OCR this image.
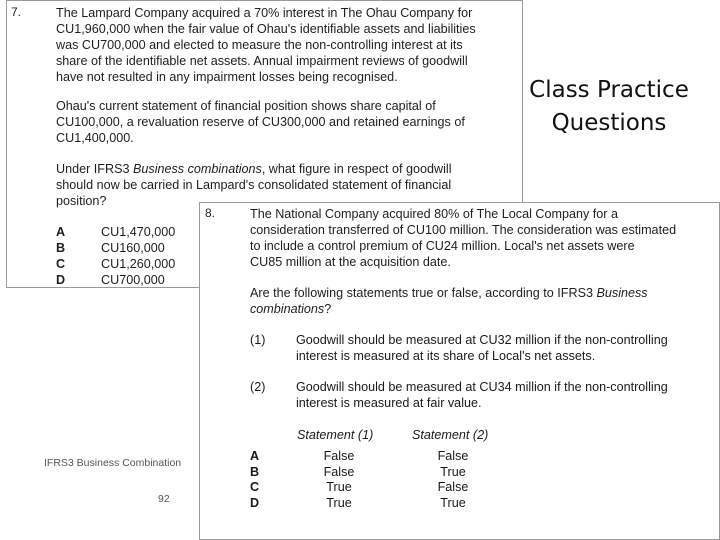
7.	The Lampard Company acquired a 70% interest in The Ohau Company for
CU1,960,000 when the fair value of Ohau's identifiable assets and liabilities
was CU700,000 and elected to measure the non-controlling interest at its
share of the identifiable net assets. Annual impairment reviews of goodwill
have not resulted in any impairment losses being recognised.

Ohau's current statement of financial position shows share capital of
CU100,000, a revaluation reserve of CU300,000 and retained earnings of
CU1,400,000.

Under IFRS3 Business combinations, what figure in respect of goodwill
should now be carried in Lampard's consolidated statement of financial
position?

A	CU1,470,000
B	CU160,000
C	CU1,260,000
D	CU700,000
Class Practice
Questions
8.	The National Company acquired 80% of The Local Company for a
consideration transferred of CU100 million. The consideration was estimated
to include a control premium of CU24 million. Local's net assets were
CU85 million at the acquisition date.

Are the following statements true or false, according to IFRS3 Business
combinations?

(1) Goodwill should be measured at CU32 million if the non-controlling
interest is measured at its share of Local's net assets.
(2) Goodwill should be measured at CU34 million if the non-controlling
interest is measured at fair value.
Statement (1)	Statement (2)
A	False	False
B	False	True
C	True	False
D	True	True
IFRS3 Business Combination
92
